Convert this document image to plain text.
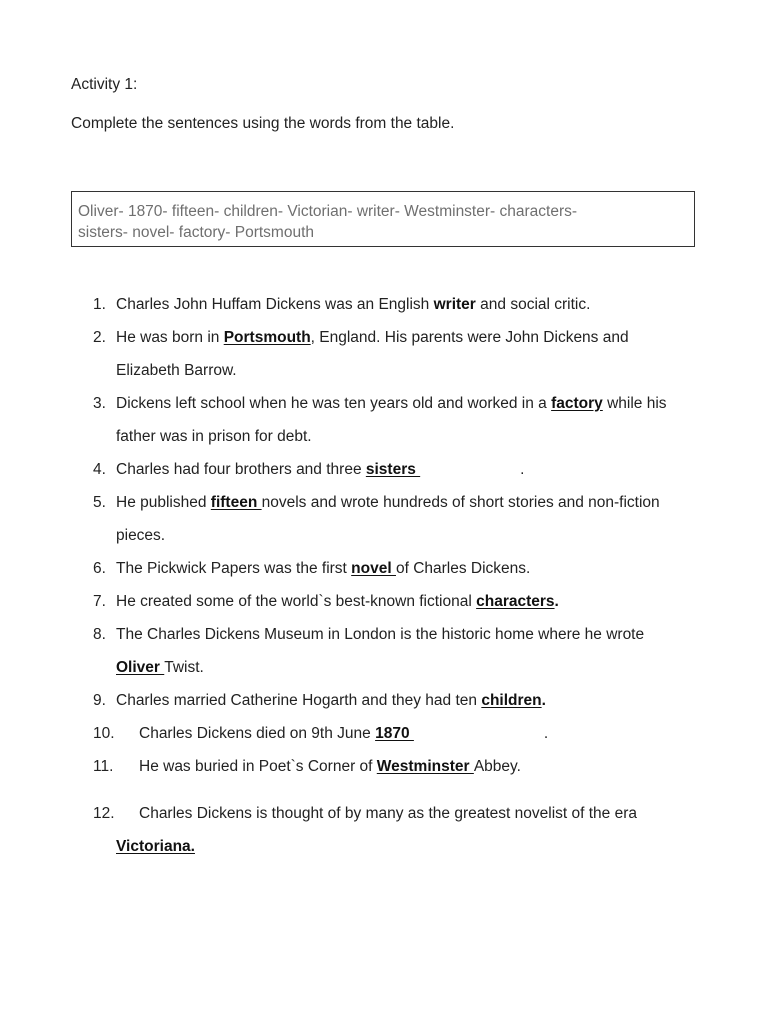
Activity 1:
Complete the sentences using the words from the table.

Oliver- 1870- fifteen- children- Victorian- writer- Westminster- characters-

sisters- novel- factory- Portsmouth

1. Charles John Huffam Dickens was an English writer and social critic.
2. He was born in Portsmouth, England. His parents were John Dickens and Elizabeth Barrow.
3. Dickens left school when he was ten years old and worked in a factory while his father was in prison for debt.
4. Charles had four brothers and three sisters	.
5. He published fifteen novels and wrote hundreds of short stories and non-fiction pieces.
6. The Pickwick Papers was the first novel of Charles Dickens.
7. He created some of the world`s best-known fictional characters.
8. The Charles Dickens Museum in London is the historic home where he wrote Oliver Twist.
9. Charles married Catherine Hogarth and they had ten children.
10.	Charles Dickens died on 9th June 1870	.
11.	He was buried in Poet`s Corner of Westminster Abbey.
12.	Charles Dickens is thought of by many as the greatest novelist of the era Victoriana.
